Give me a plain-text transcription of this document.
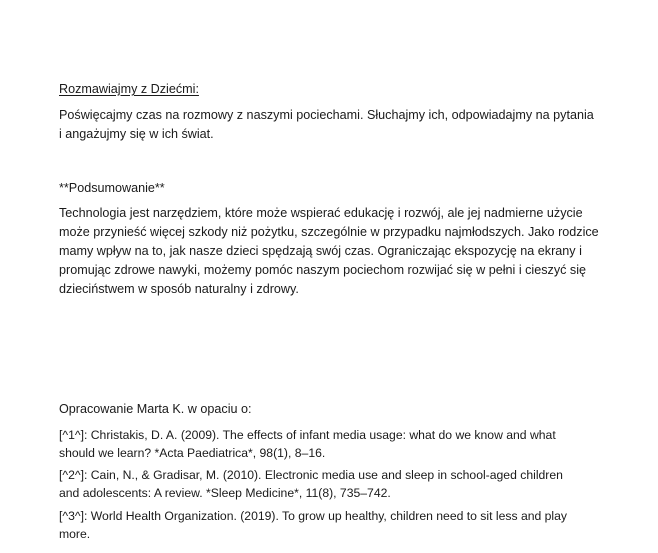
Rozmawiajmy z Dziećmi:

Poświęcajmy czas na rozmowy z naszymi pociechami. Słuchajmy ich, odpowiadajmy na pytania i angażujmy się w ich świat.

**Podsumowanie**

Technologia jest narzędziem, które może wspierać edukację i rozwój, ale jej nadmierne użycie może przynieść więcej szkody niż pożytku, szczególnie w przypadku najmłodszych. Jako rodzice mamy wpływ na to, jak nasze dzieci spędzają swój czas. Ograniczając ekspozycję na ekrany i promując zdrowe nawyki, możemy pomóc naszym pociechom rozwijać się w pełni i cieszyć się dzieciństwem w sposób naturalny i zdrowy.

Opracowanie Marta K. w opaciu o:

[^1^]: Christakis, D. A. (2009). The effects of infant media usage: what do we know and what should we learn? *Acta Paediatrica*, 98(1), 8–16.

[^2^]: Cain, N., & Gradisar, M. (2010). Electronic media use and sleep in school-aged children and adolescents: A review. *Sleep Medicine*, 11(8), 735–742.

[^3^]: World Health Organization. (2019). To grow up healthy, children need to sit less and play more.
